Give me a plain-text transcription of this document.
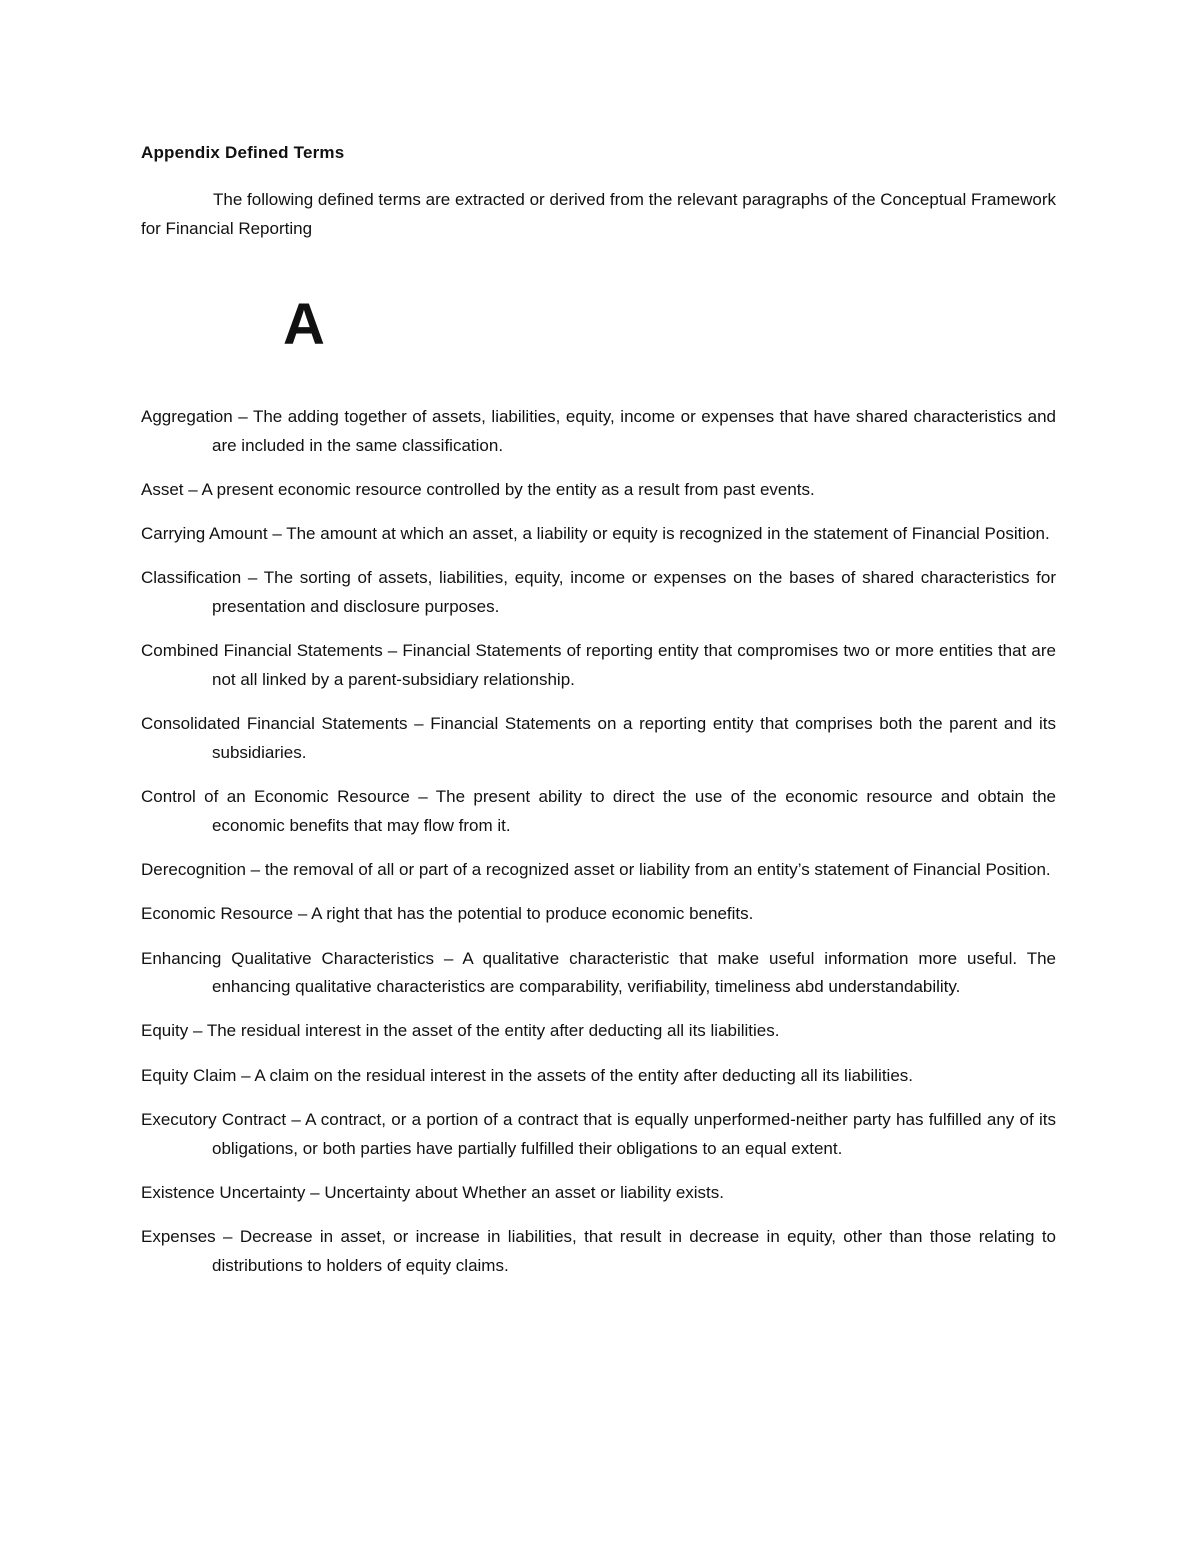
Appendix Defined Terms

The following defined terms are extracted or derived from the relevant paragraphs of the Conceptual Framework for Financial Reporting

A
Aggregation – The adding together of assets, liabilities, equity, income or expenses that have shared characteristics and are included in the same classification.
Asset – A present economic resource controlled by the entity as a result from past events.
Carrying Amount – The amount at which an asset, a liability or equity is recognized in the statement of Financial Position.
Classification – The sorting of assets, liabilities, equity, income or expenses on the bases of shared characteristics for presentation and disclosure purposes.
Combined Financial Statements – Financial Statements of reporting entity that compromises two or more entities that are not all linked by a parent-subsidiary relationship.
Consolidated Financial Statements – Financial Statements on a reporting entity that comprises both the parent and its subsidiaries.
Control of an Economic Resource – The present ability to direct the use of the economic resource and obtain the economic benefits that may flow from it.
Derecognition – the removal of all or part of a recognized asset or liability from an entity’s statement of Financial Position.
Economic Resource – A right that has the potential to produce economic benefits.
Enhancing Qualitative Characteristics – A qualitative characteristic that make useful information more useful. The enhancing qualitative characteristics are comparability, verifiability, timeliness abd understandability.
Equity – The residual interest in the asset of the entity after deducting all its liabilities.
Equity Claim – A claim on the residual interest in the assets of the entity after deducting all its liabilities.
Executory Contract – A contract, or a portion of a contract that is equally unperformed-neither party has fulfilled any of its obligations, or both parties have partially fulfilled their obligations to an equal extent.
Existence Uncertainty – Uncertainty about Whether an asset or liability exists.
Expenses – Decrease in asset, or increase in liabilities, that result in decrease in equity, other than those relating to distributions to holders of equity claims.
